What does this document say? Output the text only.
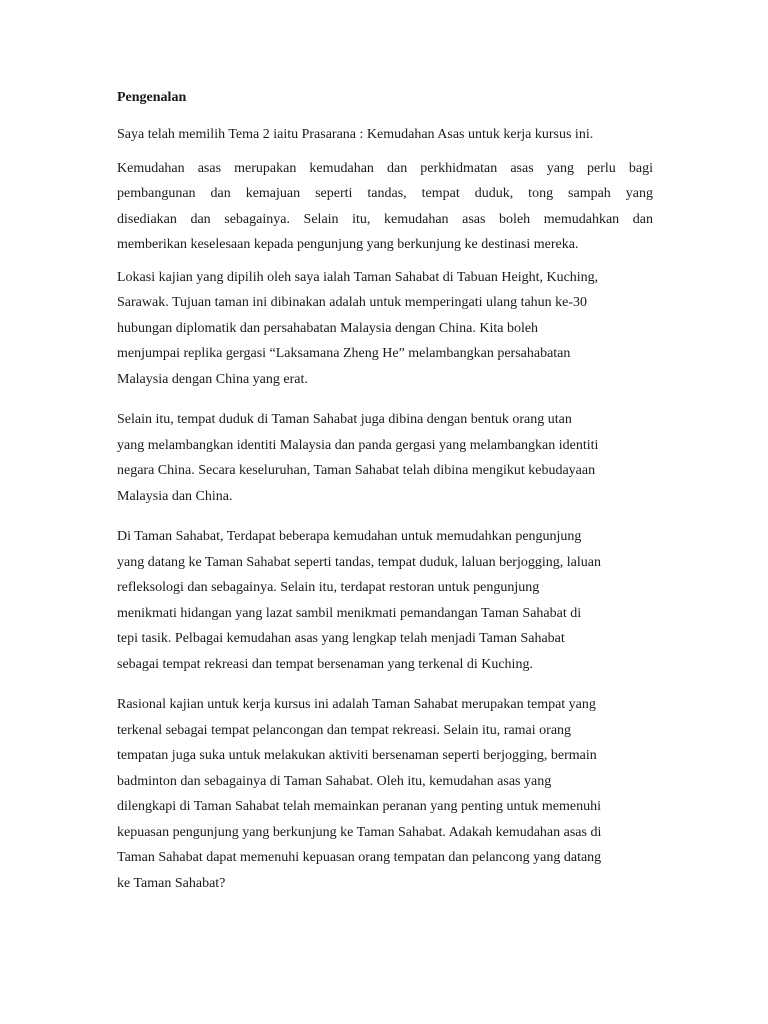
Pengenalan

Saya telah memilih Tema 2 iaitu Prasarana : Kemudahan Asas untuk kerja kursus ini.

Kemudahan asas merupakan kemudahan dan perkhidmatan asas yang perlu bagi
pembangunan dan kemajuan seperti tandas, tempat duduk, tong sampah yang
disediakan dan sebagainya. Selain itu, kemudahan asas boleh memudahkan dan
memberikan keselesaan kepada pengunjung yang berkunjung ke destinasi mereka.

Lokasi kajian yang dipilih oleh saya ialah Taman Sahabat di Tabuan Height, Kuching,
Sarawak. Tujuan taman ini dibinakan adalah untuk memperingati ulang tahun ke-30
hubungan diplomatik dan persahabatan Malaysia dengan China. Kita boleh
menjumpai replika gergasi “Laksamana Zheng He” melambangkan persahabatan
Malaysia dengan China yang erat.

Selain itu, tempat duduk di Taman Sahabat juga dibina dengan bentuk orang utan
yang melambangkan identiti Malaysia dan panda gergasi yang melambangkan identiti
negara China. Secara keseluruhan, Taman Sahabat telah dibina mengikut kebudayaan
Malaysia dan China.

Di Taman Sahabat, Terdapat beberapa kemudahan untuk memudahkan pengunjung
yang datang ke Taman Sahabat seperti tandas, tempat duduk, laluan berjogging, laluan
refleksologi dan sebagainya. Selain itu, terdapat restoran untuk pengunjung
menikmati hidangan yang lazat sambil menikmati pemandangan Taman Sahabat di
tepi tasik. Pelbagai kemudahan asas yang lengkap telah menjadi Taman Sahabat
sebagai tempat rekreasi dan tempat bersenaman yang terkenal di Kuching.

Rasional kajian untuk kerja kursus ini adalah Taman Sahabat merupakan tempat yang
terkenal sebagai tempat pelancongan dan tempat rekreasi. Selain itu, ramai orang
tempatan juga suka untuk melakukan aktiviti bersenaman seperti berjogging, bermain
badminton dan sebagainya di Taman Sahabat. Oleh itu, kemudahan asas yang
dilengkapi di Taman Sahabat telah memainkan peranan yang penting untuk memenuhi
kepuasan pengunjung yang berkunjung ke Taman Sahabat. Adakah kemudahan asas di
Taman Sahabat dapat memenuhi kepuasan orang tempatan dan pelancong yang datang
ke Taman Sahabat?
